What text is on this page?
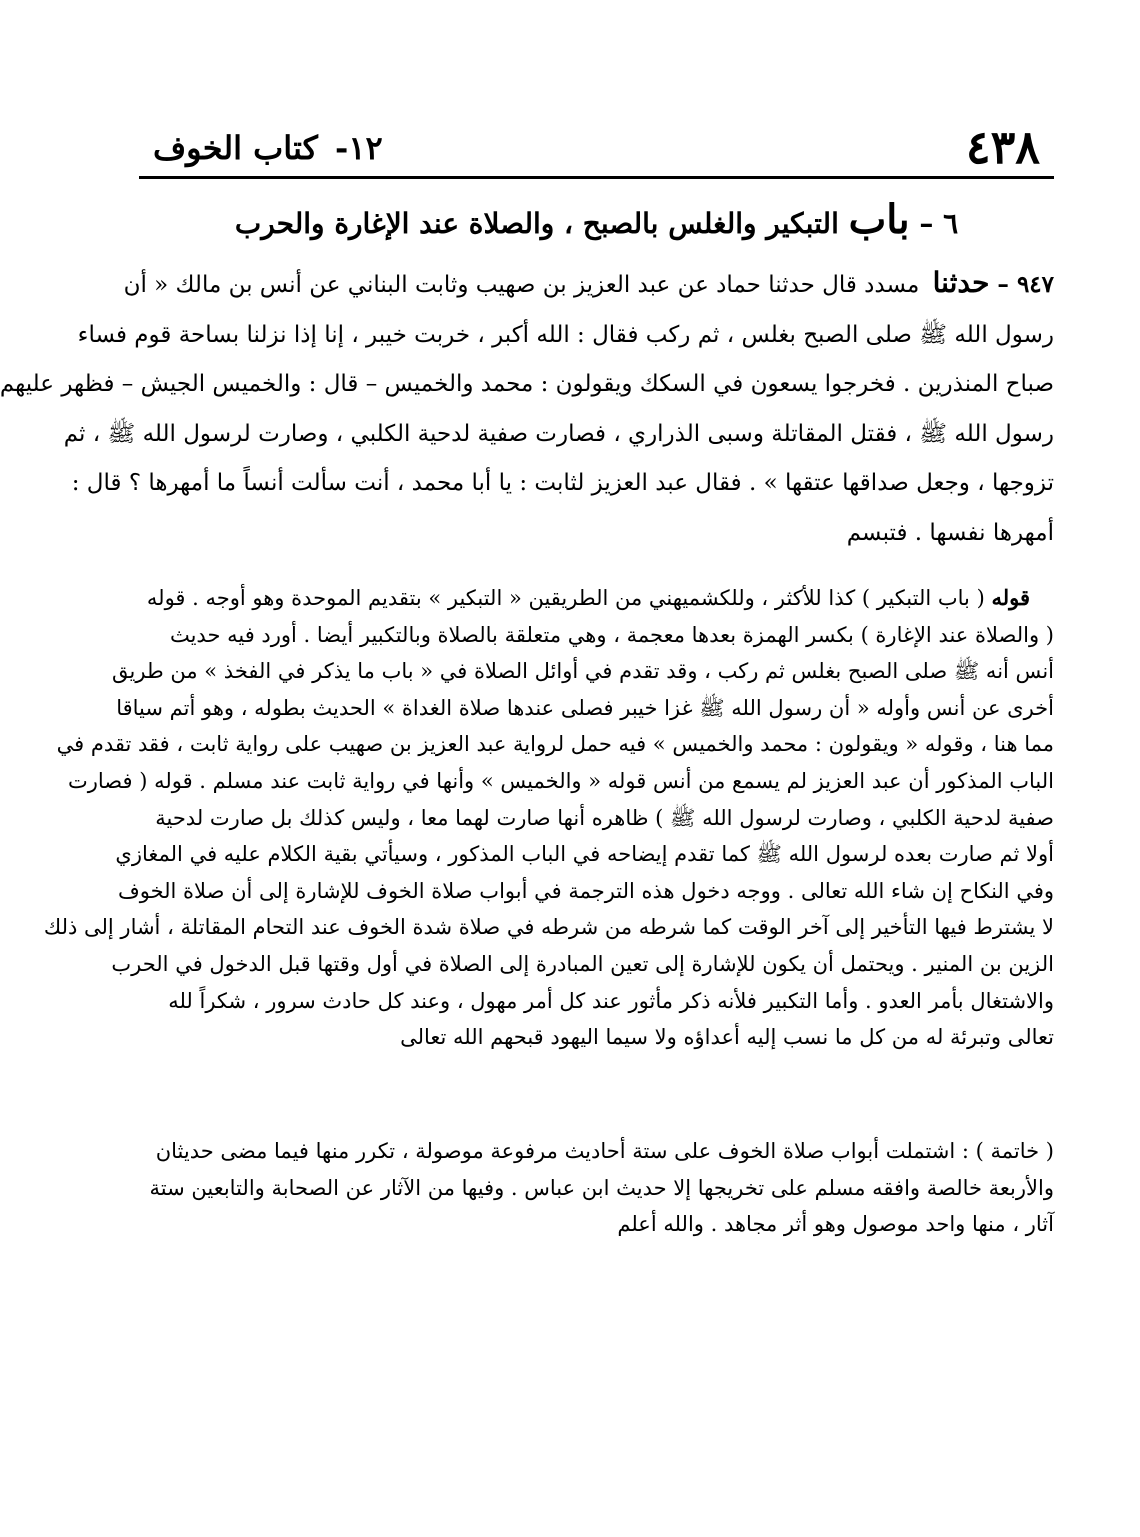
٤٣٨
١٢- كتاب الخوف
٦ – باب التبكير والغلس بالصبح ، والصلاة عند الإغارة والحرب
٩٤٧ –حدثنا مسدد قال حدثنا حماد عن عبد العزيز بن صهيب وثابت البناني عن أنس بن مالك « أن
رسول الله ﷺ صلى الصبح بغلس ، ثم ركب فقال : الله أكبر ، خربت خيبر ، إنا إذا نزلنا بساحة قوم فساء
صباح المنذرين . فخرجوا يسعون في السكك ويقولون : محمد والخميس – قال : والخميس الجيش – فظهر عليهم
رسول الله ﷺ ، فقتل المقاتلة وسبى الذراري ، فصارت صفية لدحية الكلبي ، وصارت لرسول الله ﷺ ، ثم
تزوجها ، وجعل صداقها عتقها » . فقال عبد العزيز لثابت : يا أبا محمد ، أنت سألت أنساً ما أمهرها ؟ قال :
أمهرها نفسها . فتبسم
قوله ( باب التبكير ) كذا للأكثر ، وللكشميهني من الطريقين « التبكير » بتقديم الموحدة وهو أوجه . قوله
( والصلاة عند الإغارة ) بكسر الهمزة بعدها معجمة ، وهي متعلقة بالصلاة وبالتكبير أيضا . أورد فيه حديث
أنس أنه ﷺ صلى الصبح بغلس ثم ركب ، وقد تقدم في أوائل الصلاة في « باب ما يذكر في الفخذ » من طريق
أخرى عن أنس وأوله « أن رسول الله ﷺ غزا خيبر فصلى عندها صلاة الغداة » الحديث بطوله ، وهو أتم سياقا
مما هنا ، وقوله « ويقولون : محمد والخميس » فيه حمل لرواية عبد العزيز بن صهيب على رواية ثابت ، فقد تقدم في
الباب المذكور أن عبد العزيز لم يسمع من أنس قوله « والخميس » وأنها في رواية ثابت عند مسلم . قوله ( فصارت
صفية لدحية الكلبي ، وصارت لرسول الله ﷺ ) ظاهره أنها صارت لهما معا ، وليس كذلك بل صارت لدحية
أولا ثم صارت بعده لرسول الله ﷺ كما تقدم إيضاحه في الباب المذكور ، وسيأتي بقية الكلام عليه في المغازي
وفي النكاح إن شاء الله تعالى . ووجه دخول هذه الترجمة في أبواب صلاة الخوف للإشارة إلى أن صلاة الخوف
لا يشترط فيها التأخير إلى آخر الوقت كما شرطه من شرطه في صلاة شدة الخوف عند التحام المقاتلة ، أشار إلى ذلك
الزين بن المنير . ويحتمل أن يكون للإشارة إلى تعين المبادرة إلى الصلاة في أول وقتها قبل الدخول في الحرب
والاشتغال بأمر العدو . وأما التكبير فلأنه ذكر مأثور عند كل أمر مهول ، وعند كل حادث سرور ، شكراً لله
تعالى وتبرئة له من كل ما نسب إليه أعداؤه ولا سيما اليهود قبحهم الله تعالى
( خاتمة ) : اشتملت أبواب صلاة الخوف على ستة أحاديث مرفوعة موصولة ، تكرر منها فيما مضى حديثان
والأربعة خالصة وافقه مسلم على تخريجها إلا حديث ابن عباس . وفيها من الآثار عن الصحابة والتابعين ستة
آثار ، منها واحد موصول وهو أثر مجاهد . والله أعلم
